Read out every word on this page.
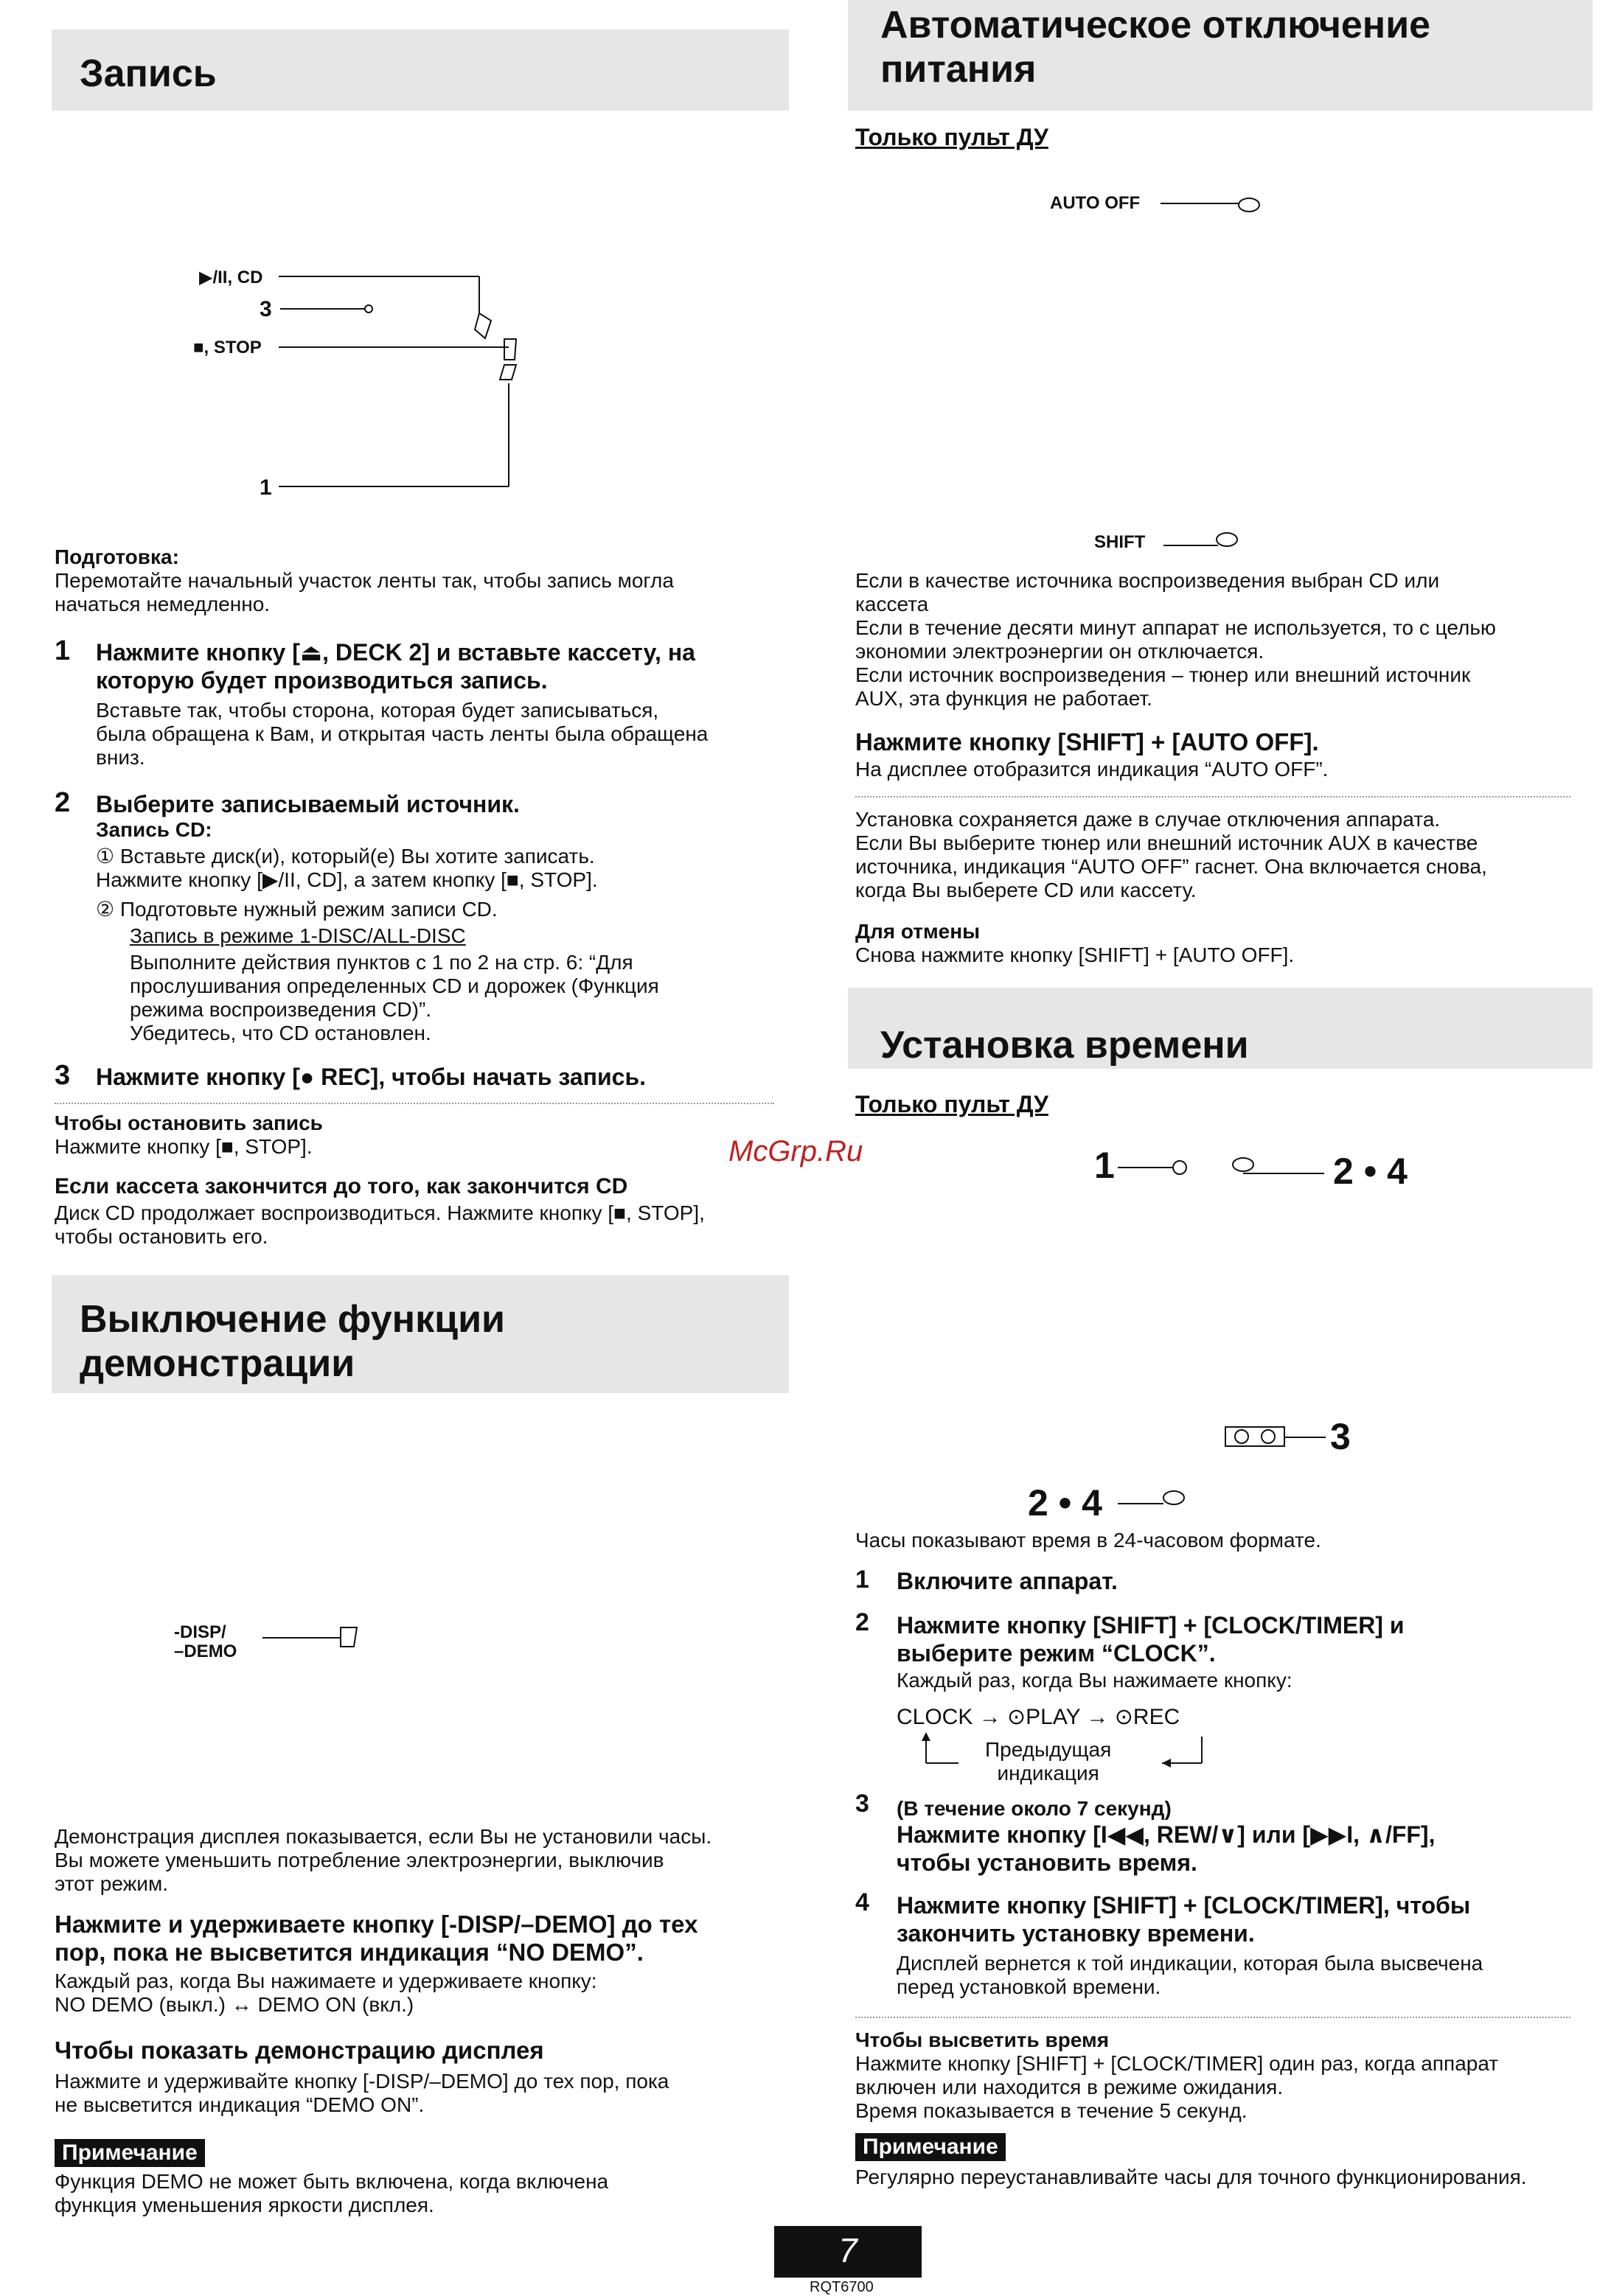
Запись
▶/II, CD
3
■, STOP
1
Подготовка:
Перемотайте начальный участок ленты так, чтобы запись могла
начаться немедленно.
1 Нажмите кнопку [⏏, DECK 2] и вставьте кассету, на
которую будет производиться запись.
Вставьте так, чтобы сторона, которая будет записываться,
была обращена к Вам, и открытая часть ленты была обращена
вниз.
2 Выберите записываемый источник.
Запись CD:
① Вставьте диск(и), который(е) Вы хотите записать.
Нажмите кнопку [▶/II, CD], а затем кнопку [■, STOP].
② Подготовьте нужный режим записи CD.
Запись в режиме 1-DISC/ALL-DISC
Выполните действия пунктов с 1 по 2 на стр. 6: “Для
прослушивания определенных CD и дорожек (Функция
режима воспроизведения CD)”.
Убедитесь, что CD остановлен.
3 Нажмите кнопку [● REC], чтобы начать запись.
Чтобы остановить запись
Нажмите кнопку [■, STOP].
Если кассета закончится до того, как закончится CD
Диск CD продолжает воспроизводиться. Нажмите кнопку [■, STOP],
чтобы остановить его.
Выключение функции
демонстрации
-DISP/
–DEMO
Демонстрация дисплея показывается, если Вы не установили часы.
Вы можете уменьшить потребление электроэнергии, выключив
этот режим.
Нажмите и удерживаете кнопку [-DISP/–DEMO] до тех
пор, пока не высветится индикация “NO DEMO”.
Каждый раз, когда Вы нажимаете и удерживаете кнопку:
NO DEMO (выкл.) ↔ DEMO ON (вкл.)
Чтобы показать демонстрацию дисплея
Нажмите и удерживайте кнопку [-DISP/–DEMO] до тех пор, пока
не высветится индикация “DEMO ON”.
Примечание
Функция DEMO не может быть включена, когда включена
функция уменьшения яркости дисплея.
Автоматическое отключение
питания
Только пульт ДУ
AUTO OFF
SHIFT
Если в качестве источника воспроизведения выбран CD или
кассета
Если в течение десяти минут аппарат не используется, то с целью
экономии электроэнергии он отключается.
Если источник воспроизведения – тюнер или внешний источник
AUX, эта функция не работает.
Нажмите кнопку [SHIFT] + [AUTO OFF].
На дисплее отобразится индикация “AUTO OFF”.
Установка сохраняется даже в случае отключения аппарата.
Если Вы выберите тюнер или внешний источник AUX в качестве
источника, индикация “AUTO OFF” гаснет. Она включается снова,
когда Вы выберете CD или кассету.
Для отмены
Снова нажмите кнопку [SHIFT] + [AUTO OFF].
Установка времени
Только пульт ДУ
1	2 • 4
3
2 • 4
Часы показывают время в 24-часовом формате.
1 Включите аппарат.
2 Нажмите кнопку [SHIFT] + [CLOCK/TIMER] и
выберите режим “CLOCK”.
Каждый раз, когда Вы нажимаете кнопку:
CLOCK → ⊙PLAY → ⊙REC
Предыдущая
индикация
3 (В течение около 7 секунд)
Нажмите кнопку [I◀◀, REW/∨] или [▶▶I, ∧/FF],
чтобы установить время.
4 Нажмите кнопку [SHIFT] + [CLOCK/TIMER], чтобы
закончить установку времени.
Дисплей вернется к той индикации, которая была высвечена
перед установкой времени.
Чтобы высветить время
Нажмите кнопку [SHIFT] + [CLOCK/TIMER] один раз, когда аппарат
включен или находится в режиме ожидания.
Время показывается в течение 5 секунд.
Примечание
Регулярно переустанавливайте часы для точного функционирования.
McGrp.Ru
7
RQT6700
